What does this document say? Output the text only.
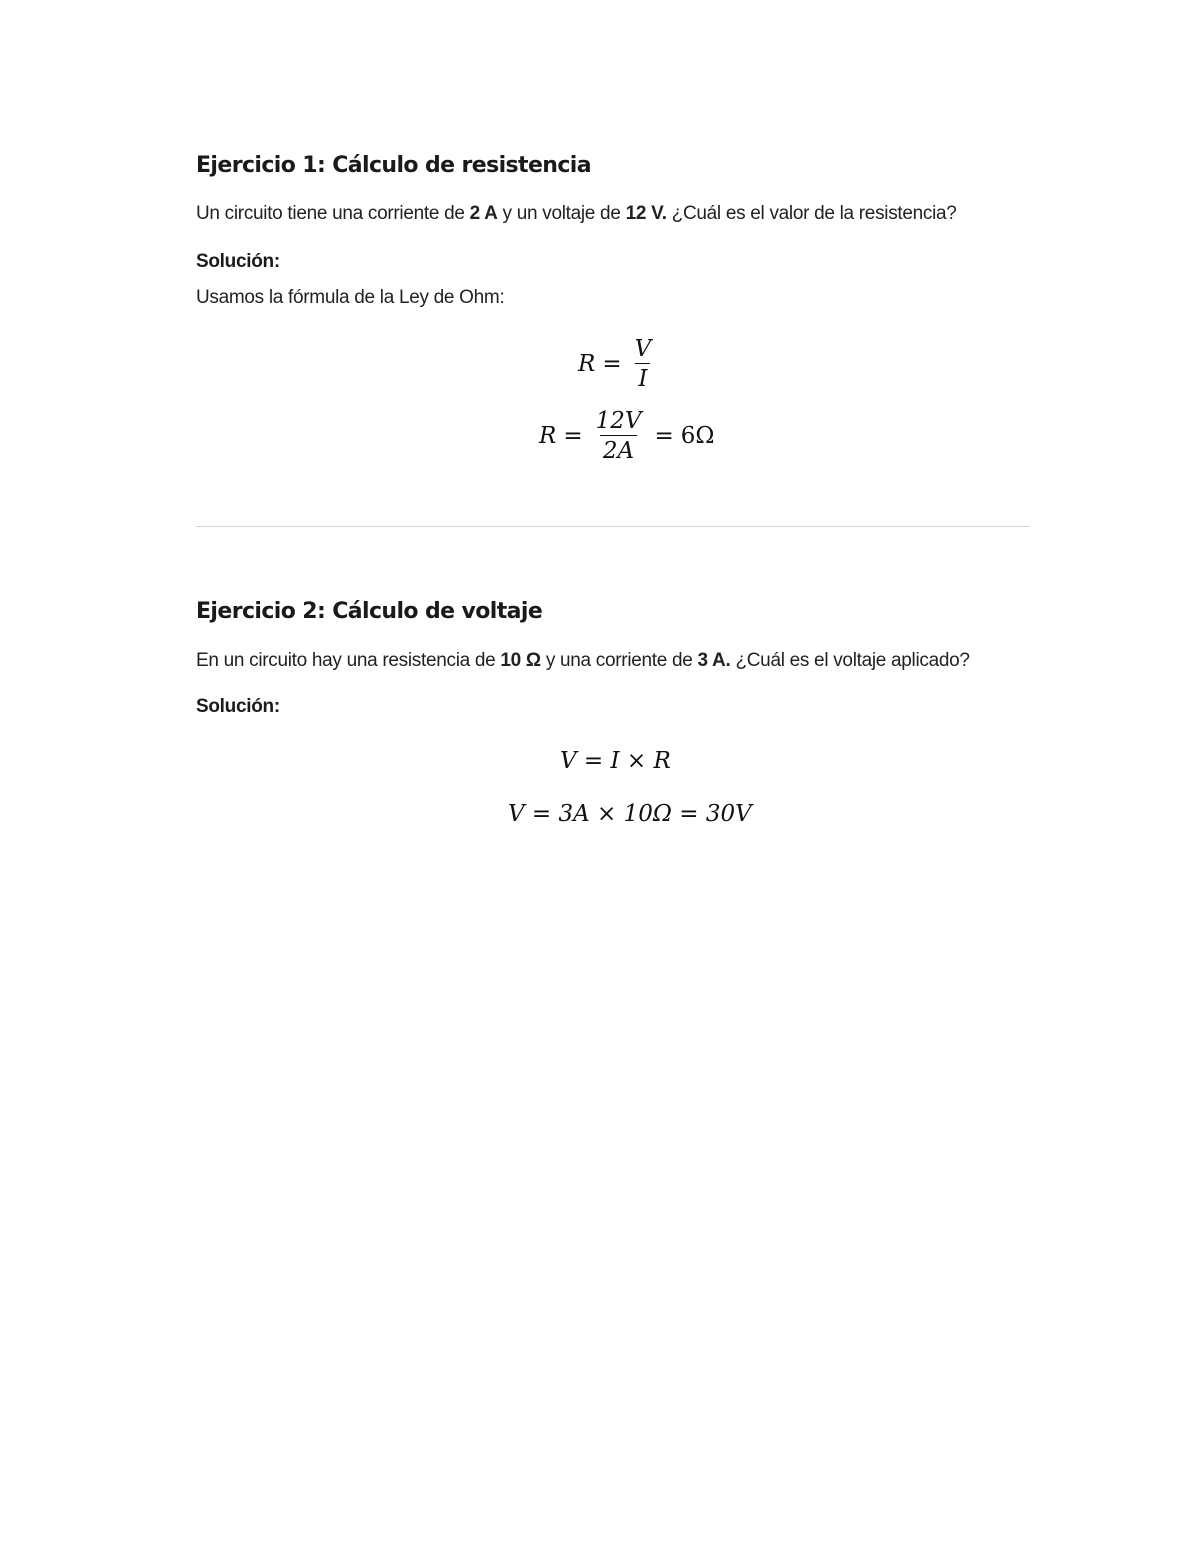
Ejercicio 1: Cálculo de resistencia

Un circuito tiene una corriente de 2 A y un voltaje de 12 V. ¿Cuál es el valor de la resistencia?

Solución:

Usamos la fórmula de la Ley de Ohm:

$R = \frac{V}{I}$
$R = \frac{12V}{2A} = 6\Omega$
Ejercicio 2: Cálculo de voltaje

En un circuito hay una resistencia de 10 Ω y una corriente de 3 A. ¿Cuál es el voltaje aplicado?

Solución:

V = I × R
V = 3A × 10Ω = 30V
